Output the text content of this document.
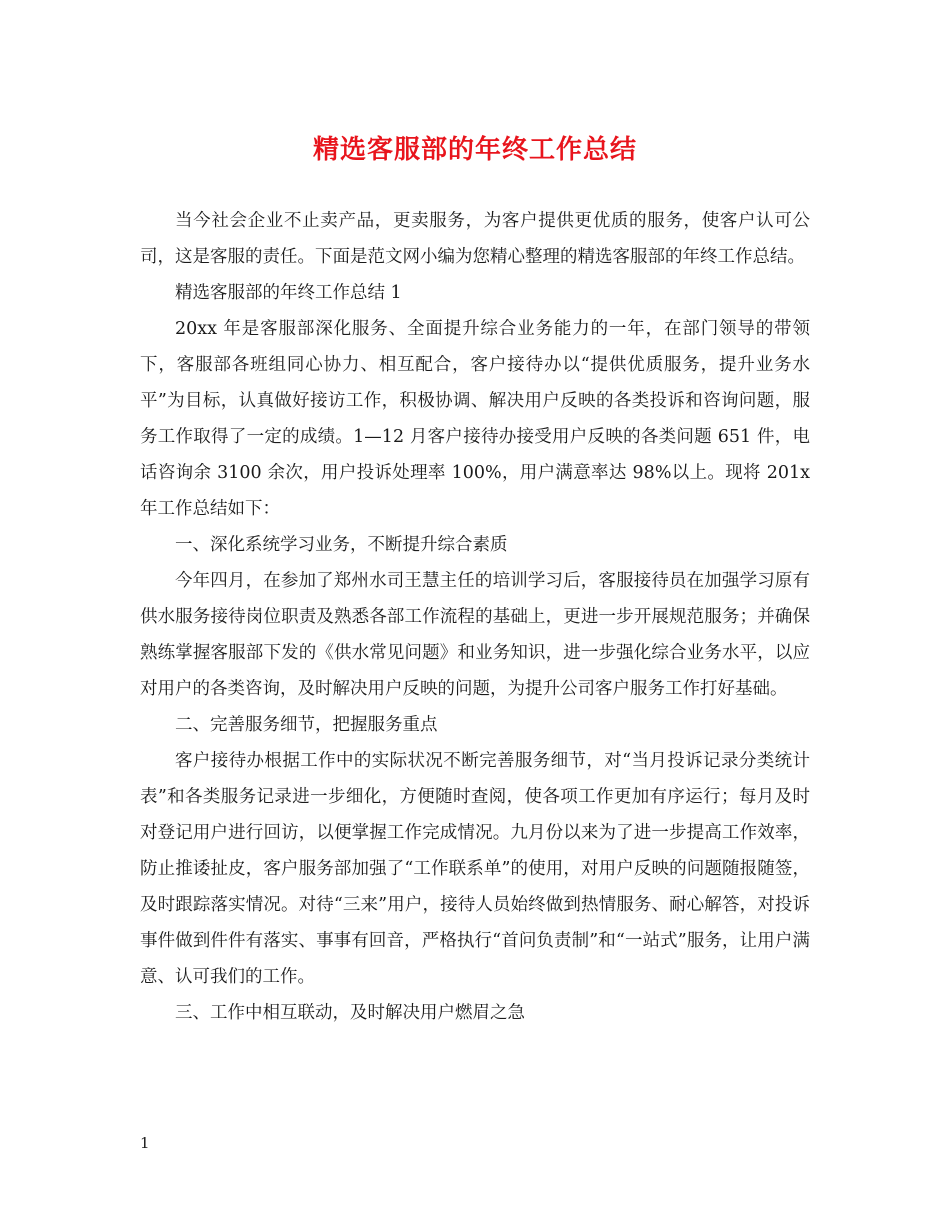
精选客服部的年终工作总结

当今社会企业不止卖产品，更卖服务，为客户提供更优质的服务，使客户认可公司，这是客服的责任。下面是范文网小编为您精心整理的精选客服部的年终工作总结。

精选客服部的年终工作总结 1

20xx 年是客服部深化服务、全面提升综合业务能力的一年，在部门领导的带领下，客服部各班组同心协力、相互配合，客户接待办以“提供优质服务，提升业务水平”为目标，认真做好接访工作，积极协调、解决用户反映的各类投诉和咨询问题，服务工作取得了一定的成绩。1—12 月客户接待办接受用户反映的各类问题 651 件，电话咨询余 3100 余次，用户投诉处理率 100%，用户满意率达 98%以上。现将 201x 年工作总结如下：

一、深化系统学习业务，不断提升综合素质

今年四月，在参加了郑州水司王慧主任的培训学习后，客服接待员在加强学习原有供水服务接待岗位职责及熟悉各部工作流程的基础上，更进一步开展规范服务；并确保熟练掌握客服部下发的《供水常见问题》和业务知识，进一步强化综合业务水平，以应对用户的各类咨询，及时解决用户反映的问题，为提升公司客户服务工作打好基础。

二、完善服务细节，把握服务重点

客户接待办根据工作中的实际状况不断完善服务细节，对“当月投诉记录分类统计表”和各类服务记录进一步细化，方便随时查阅，使各项工作更加有序运行；每月及时对登记用户进行回访，以便掌握工作完成情况。九月份以来为了进一步提高工作效率，防止推诿扯皮，客户服务部加强了“工作联系单”的使用，对用户反映的问题随报随签，及时跟踪落实情况。对待“三来”用户，接待人员始终做到热情服务、耐心解答，对投诉事件做到件件有落实、事事有回音，严格执行“首问负责制”和“一站式”服务，让用户满意、认可我们的工作。

三、工作中相互联动，及时解决用户燃眉之急

1
